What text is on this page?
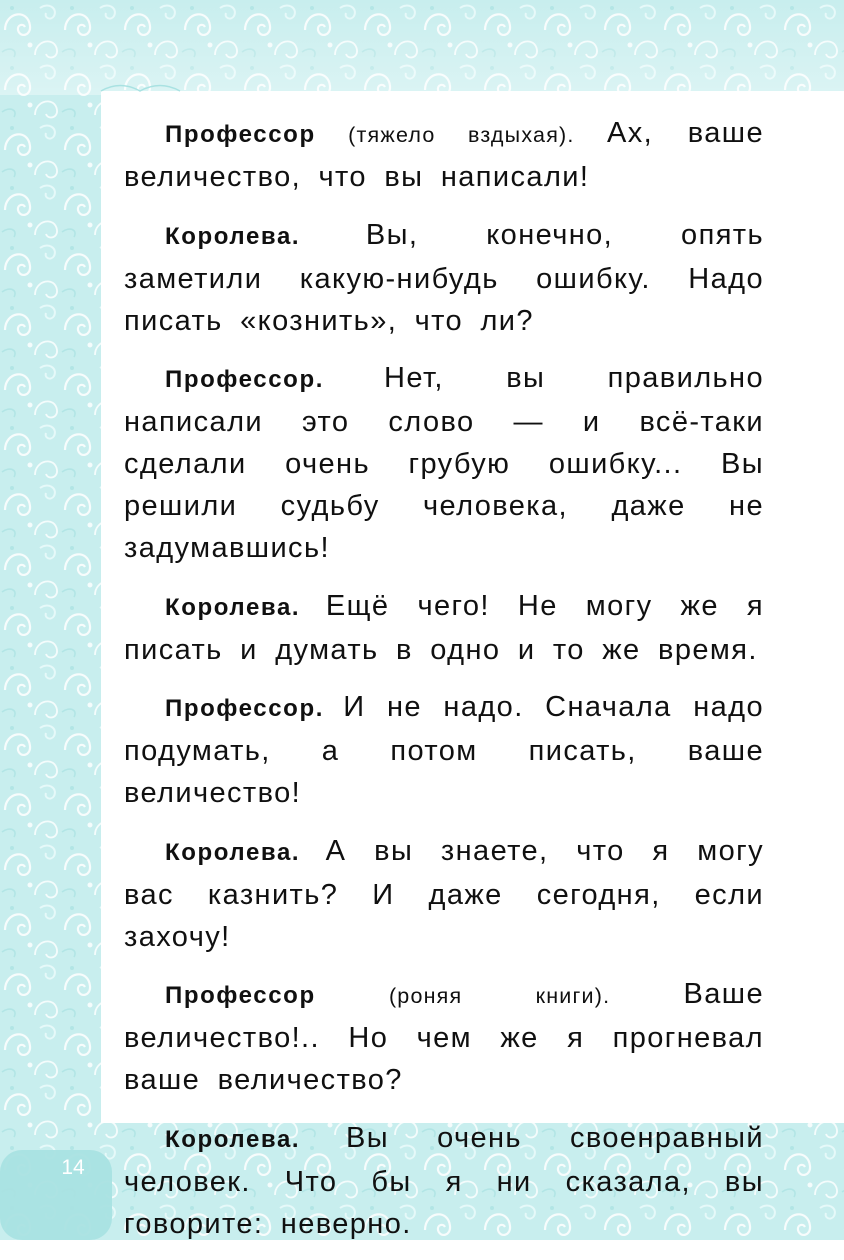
Профессор (тяжело вздыхая). Ах, ваше величество, что вы написали!

Королева. Вы, конечно, опять заметили какую-нибудь ошибку. Надо писать «кознить», что ли?

Профессор. Нет, вы правильно написали это слово — и всё-таки сделали очень грубую ошибку... Вы решили судьбу человека, даже не задумавшись!

Королева. Ещё чего! Не могу же я писать и думать в одно и то же время.

Профессор. И не надо. Сначала надо подумать, а потом писать, ваше величество!

Королева. А вы знаете, что я могу вас казнить? И даже сегодня, если захочу!

Профессор (роняя книги). Ваше величество!.. Но чем же я прогневал ваше величество?

Королева. Вы очень своенравный человек. Что бы я ни сказала, вы говорите: неверно.

14
